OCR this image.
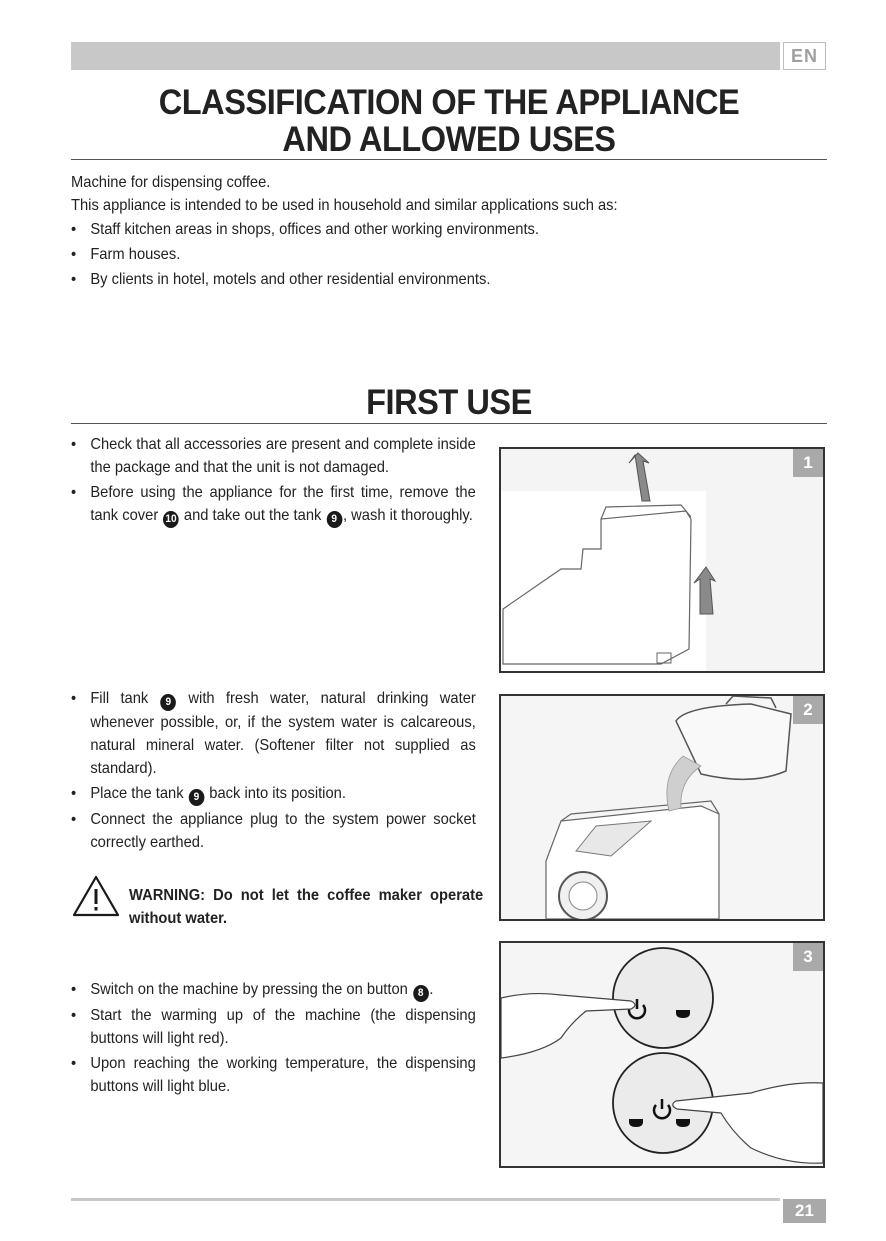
EN
CLASSIFICATION OF THE APPLIANCE
AND ALLOWED USES
Machine for dispensing coffee.
This appliance is intended to be used in household and similar applications such as:
• Staff kitchen areas in shops, offices and other working environments.
• Farm houses.
• By clients in hotel, motels and other residential environments.
FIRST USE
• Check that all accessories are present and complete inside the package and that the unit is not damaged.
• Before using the appliance for the first time, remove the tank cover 10 and take out the tank 9 , wash it thoroughly.
1
• Fill tank 9 with fresh water, natural drinking water whenever possible, or, if the system water is calcareous, natural mineral water. (Softener filter not supplied as standard).
• Place the tank 9 back into its position.
• Connect the appliance plug to the system power socket correctly earthed.
2
WARNING: Do not let the coffee maker operate without water.
• Switch on the machine by pressing the on button 8 .
• Start the warming up of the machine (the dispensing buttons will light red).
• Upon reaching the working temperature, the dispensing buttons will light blue.
3
21
